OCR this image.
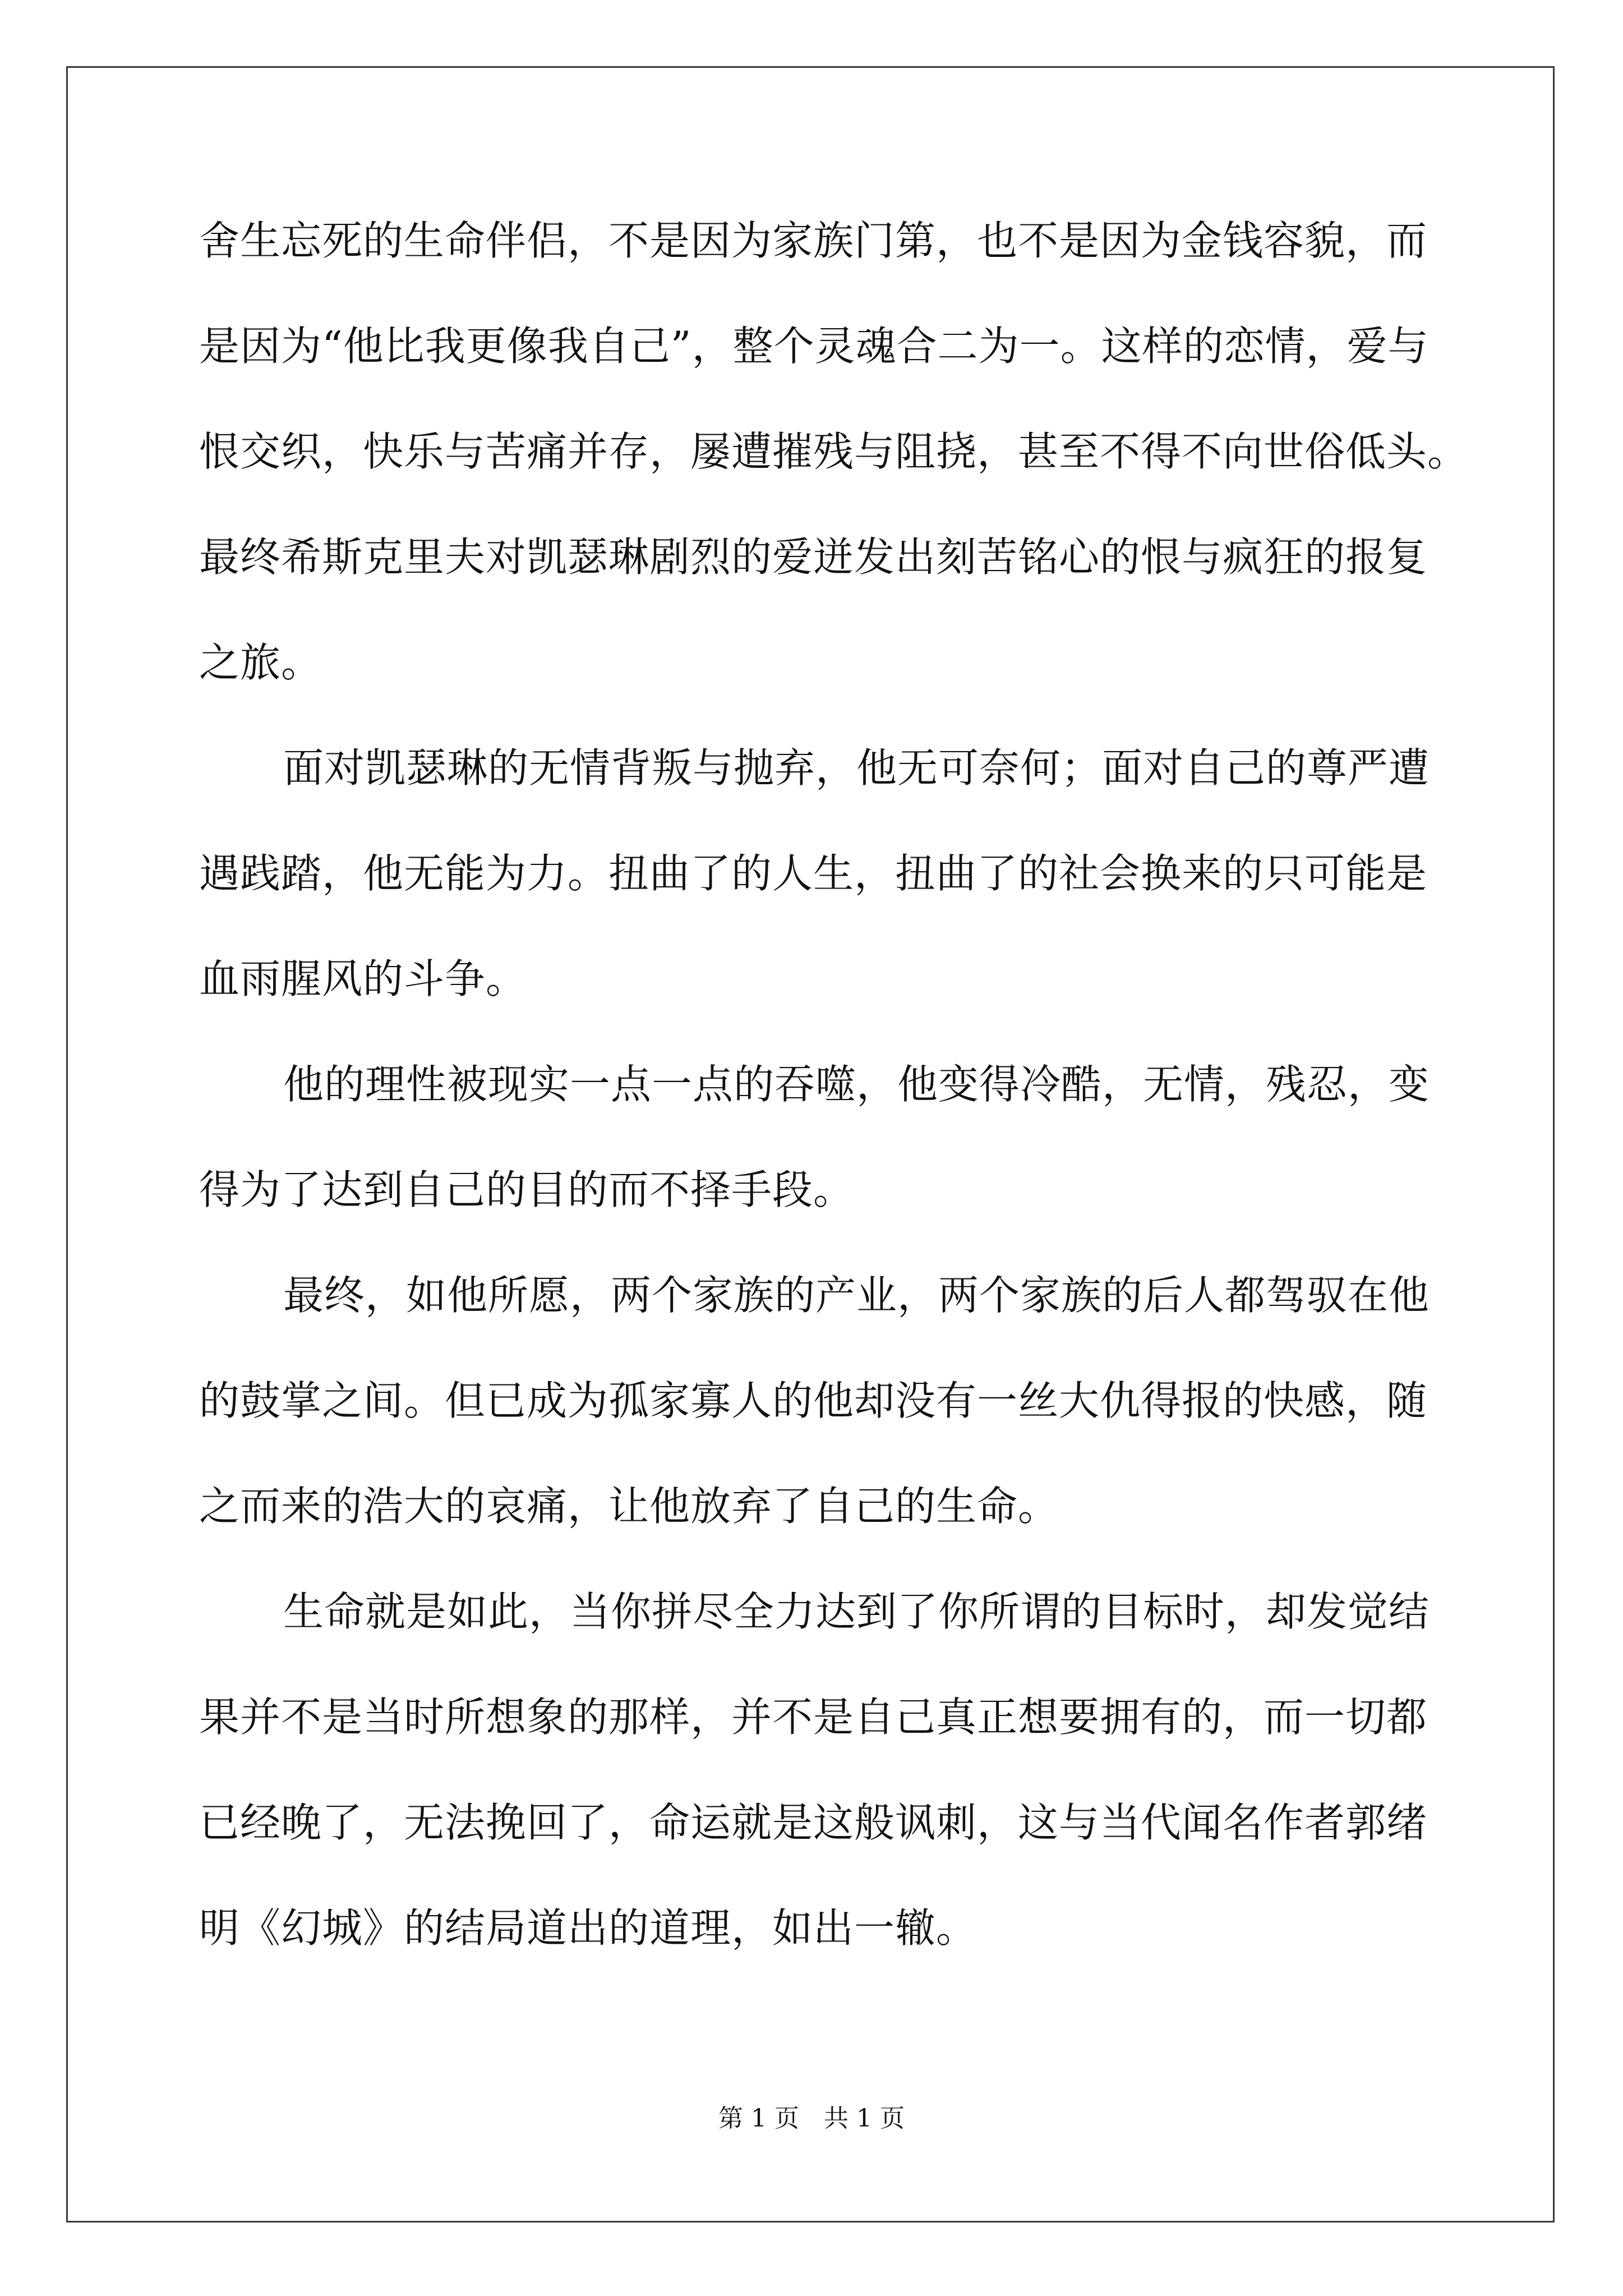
舍生忘死的生命伴侣，不是因为家族门第，也不是因为金钱容貌，而
是因为“他比我更像我自己”，整个灵魂合二为一。这样的恋情，爱与
恨交织，快乐与苦痛并存，屡遭摧残与阻挠，甚至不得不向世俗低头。
最终希斯克里夫对凯瑟琳剧烈的爱迸发出刻苦铭心的恨与疯狂的报复
之旅。
面对凯瑟琳的无情背叛与抛弃，他无可奈何；面对自己的尊严遭
遇践踏，他无能为力。扭曲了的人生，扭曲了的社会换来的只可能是
血雨腥风的斗争。
他的理性被现实一点一点的吞噬，他变得冷酷，无情，残忍，变
得为了达到自己的目的而不择手段。
最终，如他所愿，两个家族的产业，两个家族的后人都驾驭在他
的鼓掌之间。但已成为孤家寡人的他却没有一丝大仇得报的快感，随
之而来的浩大的哀痛，让他放弃了自己的生命。
生命就是如此，当你拼尽全力达到了你所谓的目标时，却发觉结
果并不是当时所想象的那样，并不是自己真正想要拥有的，而一切都
已经晚了，无法挽回了，命运就是这般讽刺，这与当代闻名作者郭绪
明《幻城》的结局道出的道理，如出一辙。
第 1 页　共 1 页
